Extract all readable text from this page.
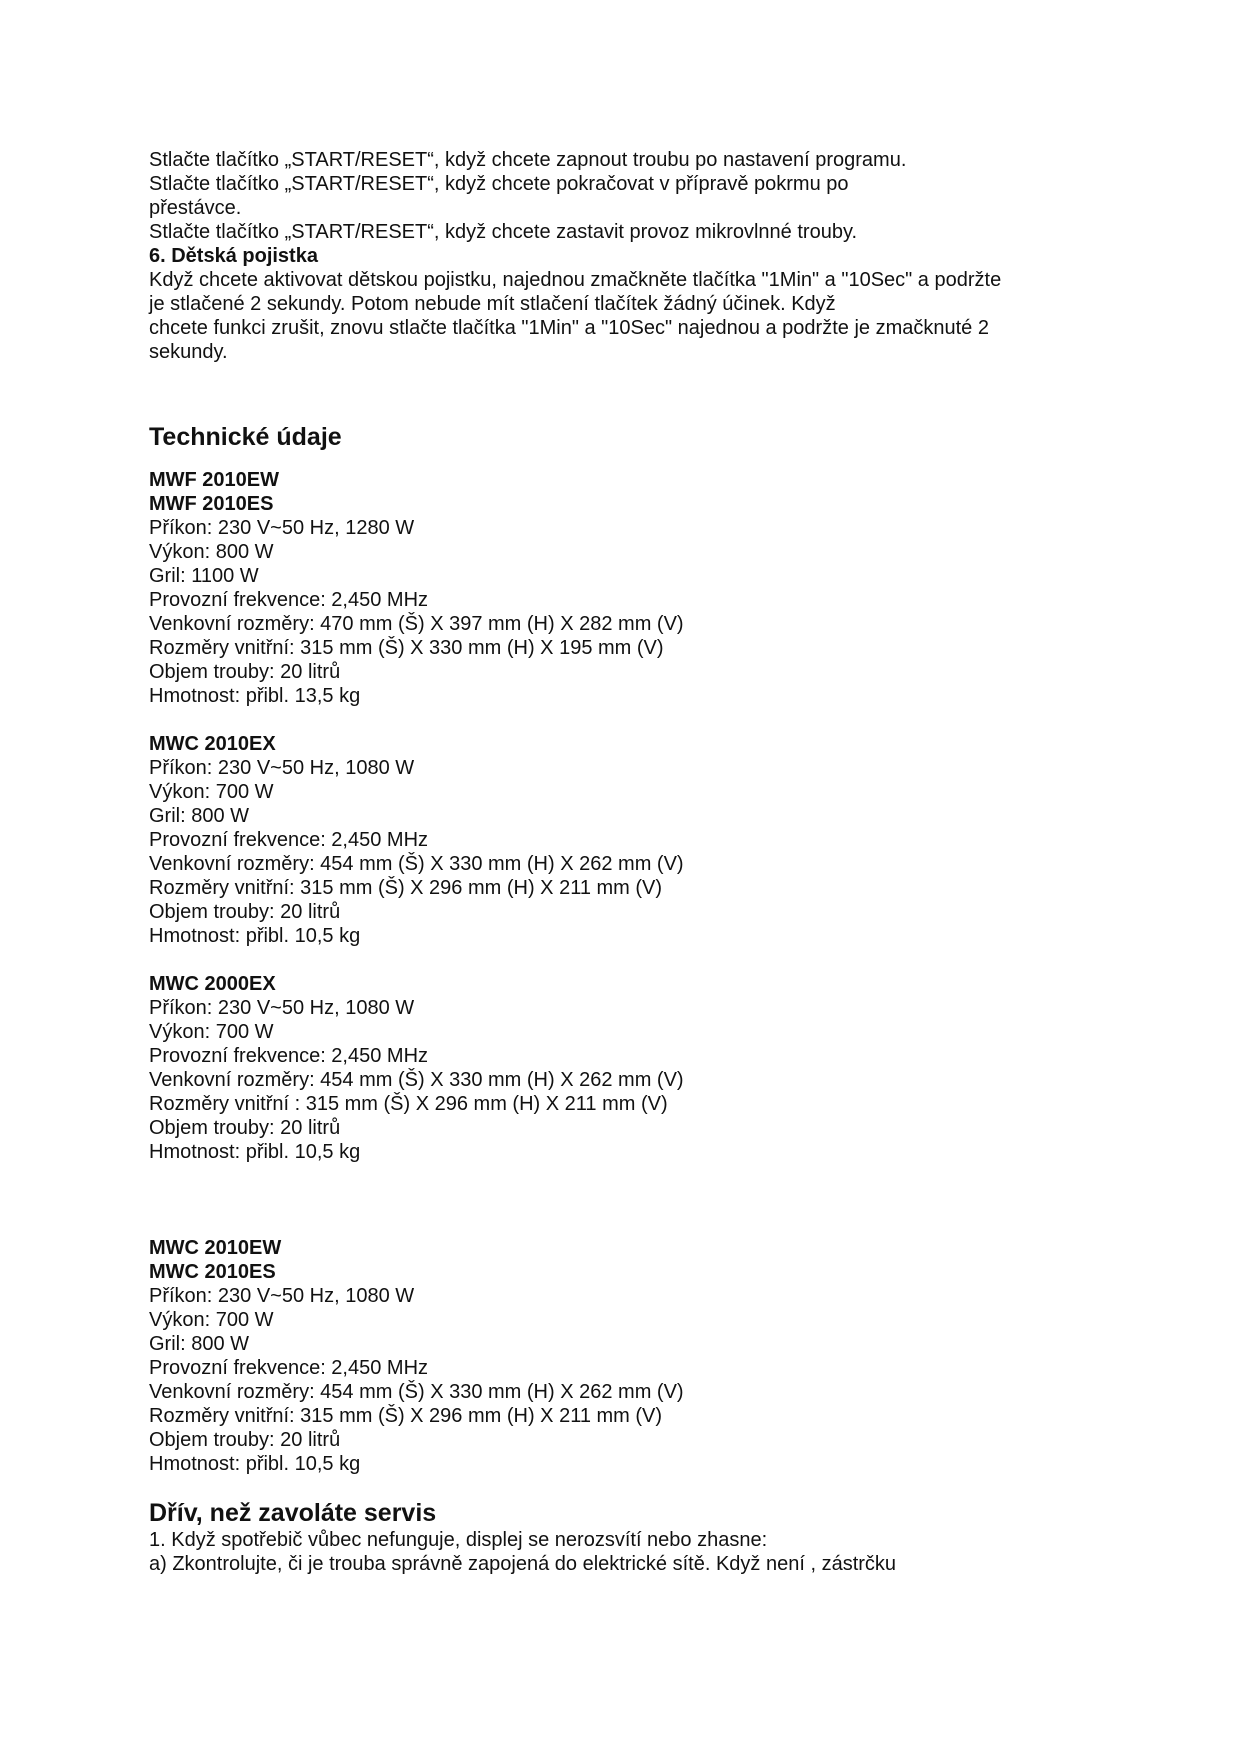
Stlačte tlačítko „START/RESET“, když chcete zapnout troubu po nastavení programu.

Stlačte tlačítko „START/RESET“, když chcete pokračovat v přípravě pokrmu po

přestávce.

Stlačte tlačítko „START/RESET“, když chcete zastavit provoz mikrovlnné trouby.

6. Dětská pojistka

Když chcete aktivovat dětskou pojistku, najednou zmačkněte tlačítka "1Min" a "10Sec" a podržte

je stlačené 2 sekundy. Potom nebude mít stlačení tlačítek žádný účinek. Když

chcete funkci zrušit, znovu stlačte tlačítka "1Min" a "10Sec" najednou a podržte je zmačknuté 2

sekundy.

Technické údaje

MWF 2010EW

MWF 2010ES

Příkon: 230 V~50 Hz, 1280 W

Výkon: 800 W

Gril: 1100 W

Provozní frekvence: 2,450 MHz

Venkovní rozměry: 470 mm (Š) X 397 mm (H) X 282 mm (V)

Rozměry vnitřní: 315 mm (Š) X 330 mm (H) X 195 mm (V)

Objem trouby: 20 litrů

Hmotnost: přibl. 13,5 kg

MWC 2010EX

Příkon: 230 V~50 Hz, 1080 W

Výkon: 700 W

Gril: 800 W

Provozní frekvence: 2,450 MHz

Venkovní rozměry: 454 mm (Š) X 330 mm (H) X 262 mm (V)

Rozměry vnitřní: 315 mm (Š) X 296 mm (H) X 211 mm (V)

Objem trouby: 20 litrů

Hmotnost: přibl. 10,5 kg

MWC 2000EX

Příkon: 230 V~50 Hz, 1080 W

Výkon: 700 W

Provozní frekvence: 2,450 MHz

Venkovní rozměry: 454 mm (Š) X 330 mm (H) X 262 mm (V)

Rozměry vnitřní : 315 mm (Š) X 296 mm (H) X 211 mm (V)

Objem trouby: 20 litrů

Hmotnost: přibl. 10,5 kg

MWC 2010EW

MWC 2010ES

Příkon: 230 V~50 Hz, 1080 W

Výkon: 700 W

Gril: 800 W

Provozní frekvence: 2,450 MHz

Venkovní rozměry: 454 mm (Š) X 330 mm (H) X 262 mm (V)

Rozměry vnitřní: 315 mm (Š) X 296 mm (H) X 211 mm (V)

Objem trouby: 20 litrů

Hmotnost: přibl. 10,5 kg

Dřív, než zavoláte servis

1. Když spotřebič vůbec nefunguje, displej se nerozsvítí nebo zhasne:

a) Zkontrolujte, či je trouba správně zapojená do elektrické sítě. Když není , zástrčku
